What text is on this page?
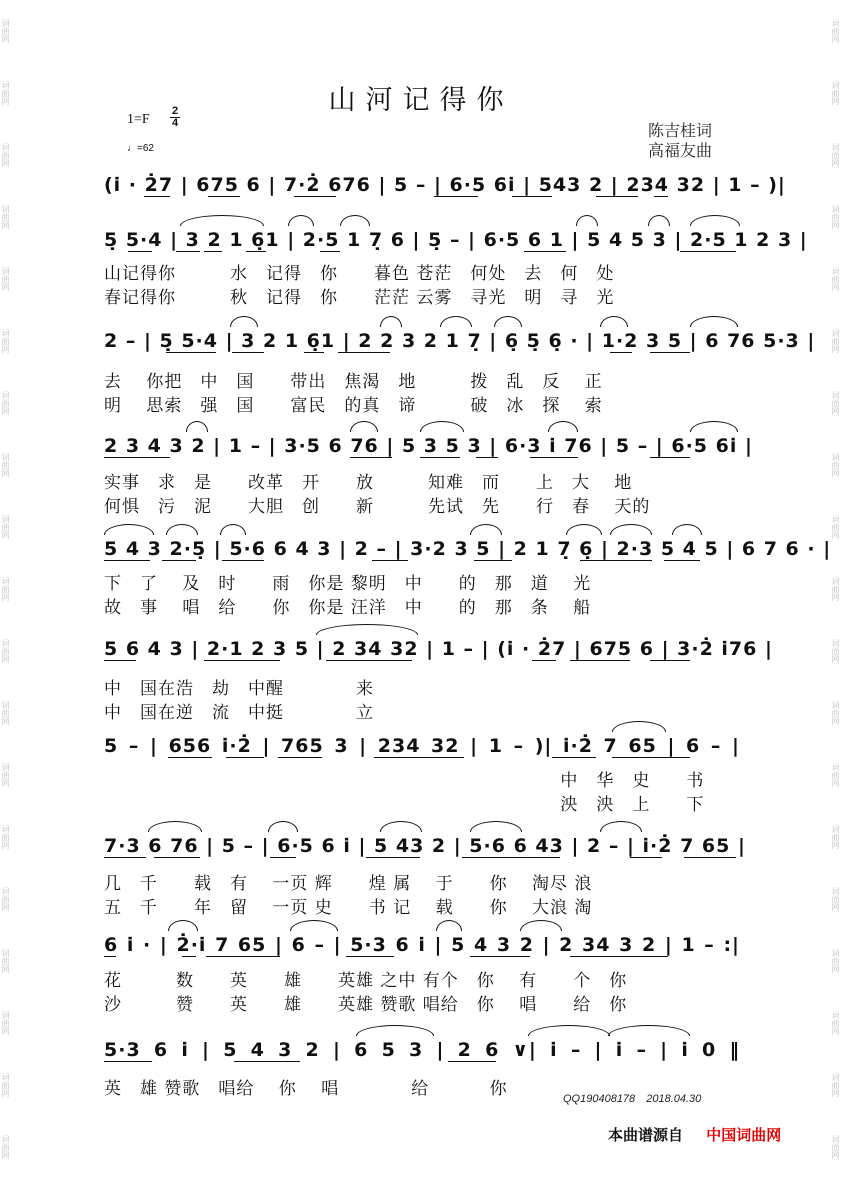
词曲网
词曲网
词曲网
词曲网
词曲网
词曲网
词曲网
词曲网
词曲网
词曲网
词曲网
词曲网
词曲网
词曲网
词曲网
词曲网
词曲网
词曲网
词曲网
词曲网
词曲网
词曲网
词曲网
词曲网
词曲网
词曲网
词曲网
词曲网
词曲网
词曲网
词曲网
词曲网
词曲网
词曲网
词曲网
词曲网
词曲网
词曲网
山河记得你
1=F
2
4
♩=62
陈吉桂词
高福友曲
(i̇ · 2̇7 | 675 6 | 7·2̇ 676 | 5 – | 6·5 6i̇ | 543 2 | 234 32 | 1 – )|
5̣ 5·4 | 3 2 1 6̣1 | 2·5 1 7̣ 6 | 5̣ – | 6·5 6 1 | 5 4 5 3 | 2·5 1 2 3 |
山记得你　　　水　记得　你　　暮色 苍茫　何处　去　何　处
春记得你　　　秋　记得　你　　茫茫 云雾　寻光　明　寻　光
2 – | 5̣ 5·4 | 3 2 1 6̣1 | 2 2 3 2 1 7̣ | 6̣ 5̣ 6̣ · | 1·2 3 5 | 6 76 5·3 |
去　 你把　中　国　　带出　焦渴　地　　　拨　乱　反　 正
明　 思索　强　国　　富民　的真　谛　　　破　冰　探　 索
2 3 4 3 2 | 1 – | 3·5 6 76 | 5 3 5 3 | 6·3 i̇ 76 | 5 – | 6·5 6i̇ |
实事　求　是　　改革　开　　放　　　知难　而　　上　大　 地
何惧　污　泥　　大胆　创　　新　　　先试　先　　行　春　 天的
5 4 3 2·5̣ | 5·6 6 4 3 | 2 – | 3·2 3 5 | 2 1 7̣ 6̣ | 2·3 5 4 5 | 6 7 6 · |
下　了　 及　时　　雨　你是 黎明　中　　的　那　道　 光
故　事　 唱　给　　你　你是 汪洋　中　　的　那　条　 船
5 6 4 3 | 2·1 2 3 5 | 2 34 32 | 1 – | (i̇ · 2̇7 | 675 6 | 3·2̇ i̇76 |
中　国在浩　劫　中醒　　　　来
中　国在逆　流　中挺　　　　立
5 – | 656 i̇·2̇ | 765 3 | 234 32 | 1 – )| i̇·2̇ 7 65 | 6 – |
　　　　　　　　　　　　　　　　　　　　　　　　　 中　华　史　　书
　　　　　　　　　　　　　　　　　　　　　　　　　 泱　泱　上　　下
7·3 6 76 | 5 – | 6·5 6 i̇ | 5 43 2 | 5·6 6 43 | 2 – | i̇·2̇ 7 65 |
几　千　　载　有　 一页 辉　　煌 属　 于　　你　 淘尽 浪
五　千　　年　留　 一页 史　　书 记　 载　　你　 大浪 淘
6 i̇ · | 2̇·i̇ 7 65 | 6 – | 5·3 6 i̇ | 5 4 3 2 | 2 34 3 2 | 1 – :|
花　　　数　　英　　雄　　英雄 之中 有个　你　 有　　个　你
沙　　　赞　　英　　雄　　英雄 赞歌 唱给　你　 唱　　给　你
5·3 6 i̇ | 5 4 3 2 | 6 5 3 | 2 6 ∨| i̇ – | i̇ – | i̇ 0 ‖
英　雄 赞歌　唱给　 你　 唱　　　　给　　　 你	QQ190408178 2018.04.30
本曲谱源自 中国词曲网
